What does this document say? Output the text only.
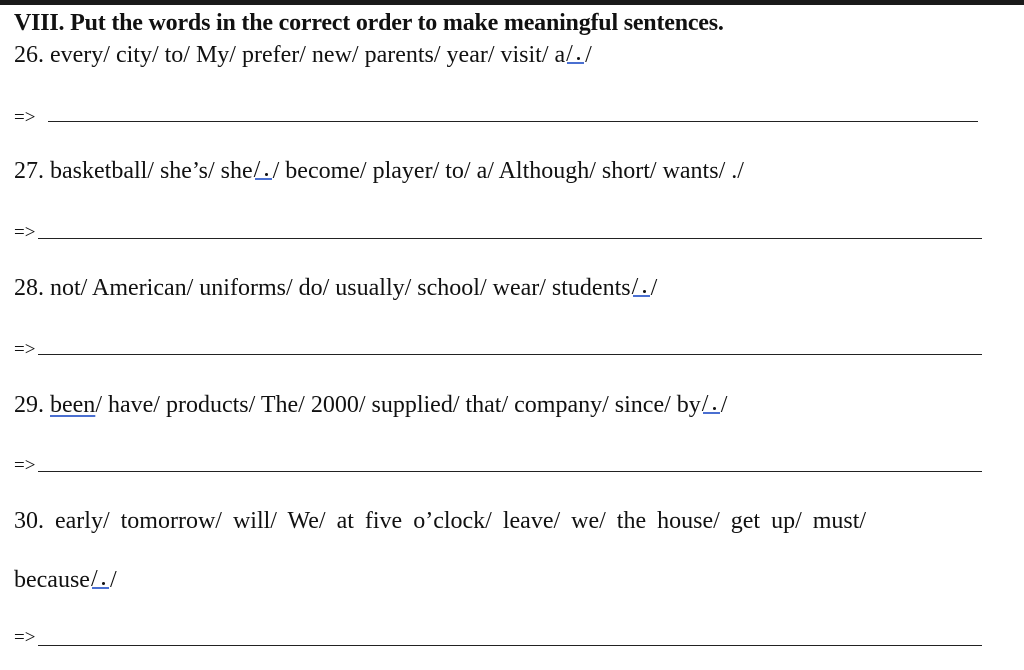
VIII. Put the words in the correct order to make meaningful sentences.
26. every/ city/ to/ My/ prefer/ new/ parents/ year/ visit/ a / /
=>
27. basketball/ she’s/ she / / become/ player/ to/ a/ Although/ short/ wants/ ./
=>
28. not/ American/ uniforms/ do/ usually/ school/ wear/ students / /
=>
29. been/ have/ products/ The/ 2000/ supplied/ that/ company/ since/ by / /
=>
30. early/ tomorrow/ will/ We/ at five o’clock/ leave/ we/ the house/ get up/ must/
because / /
=>
